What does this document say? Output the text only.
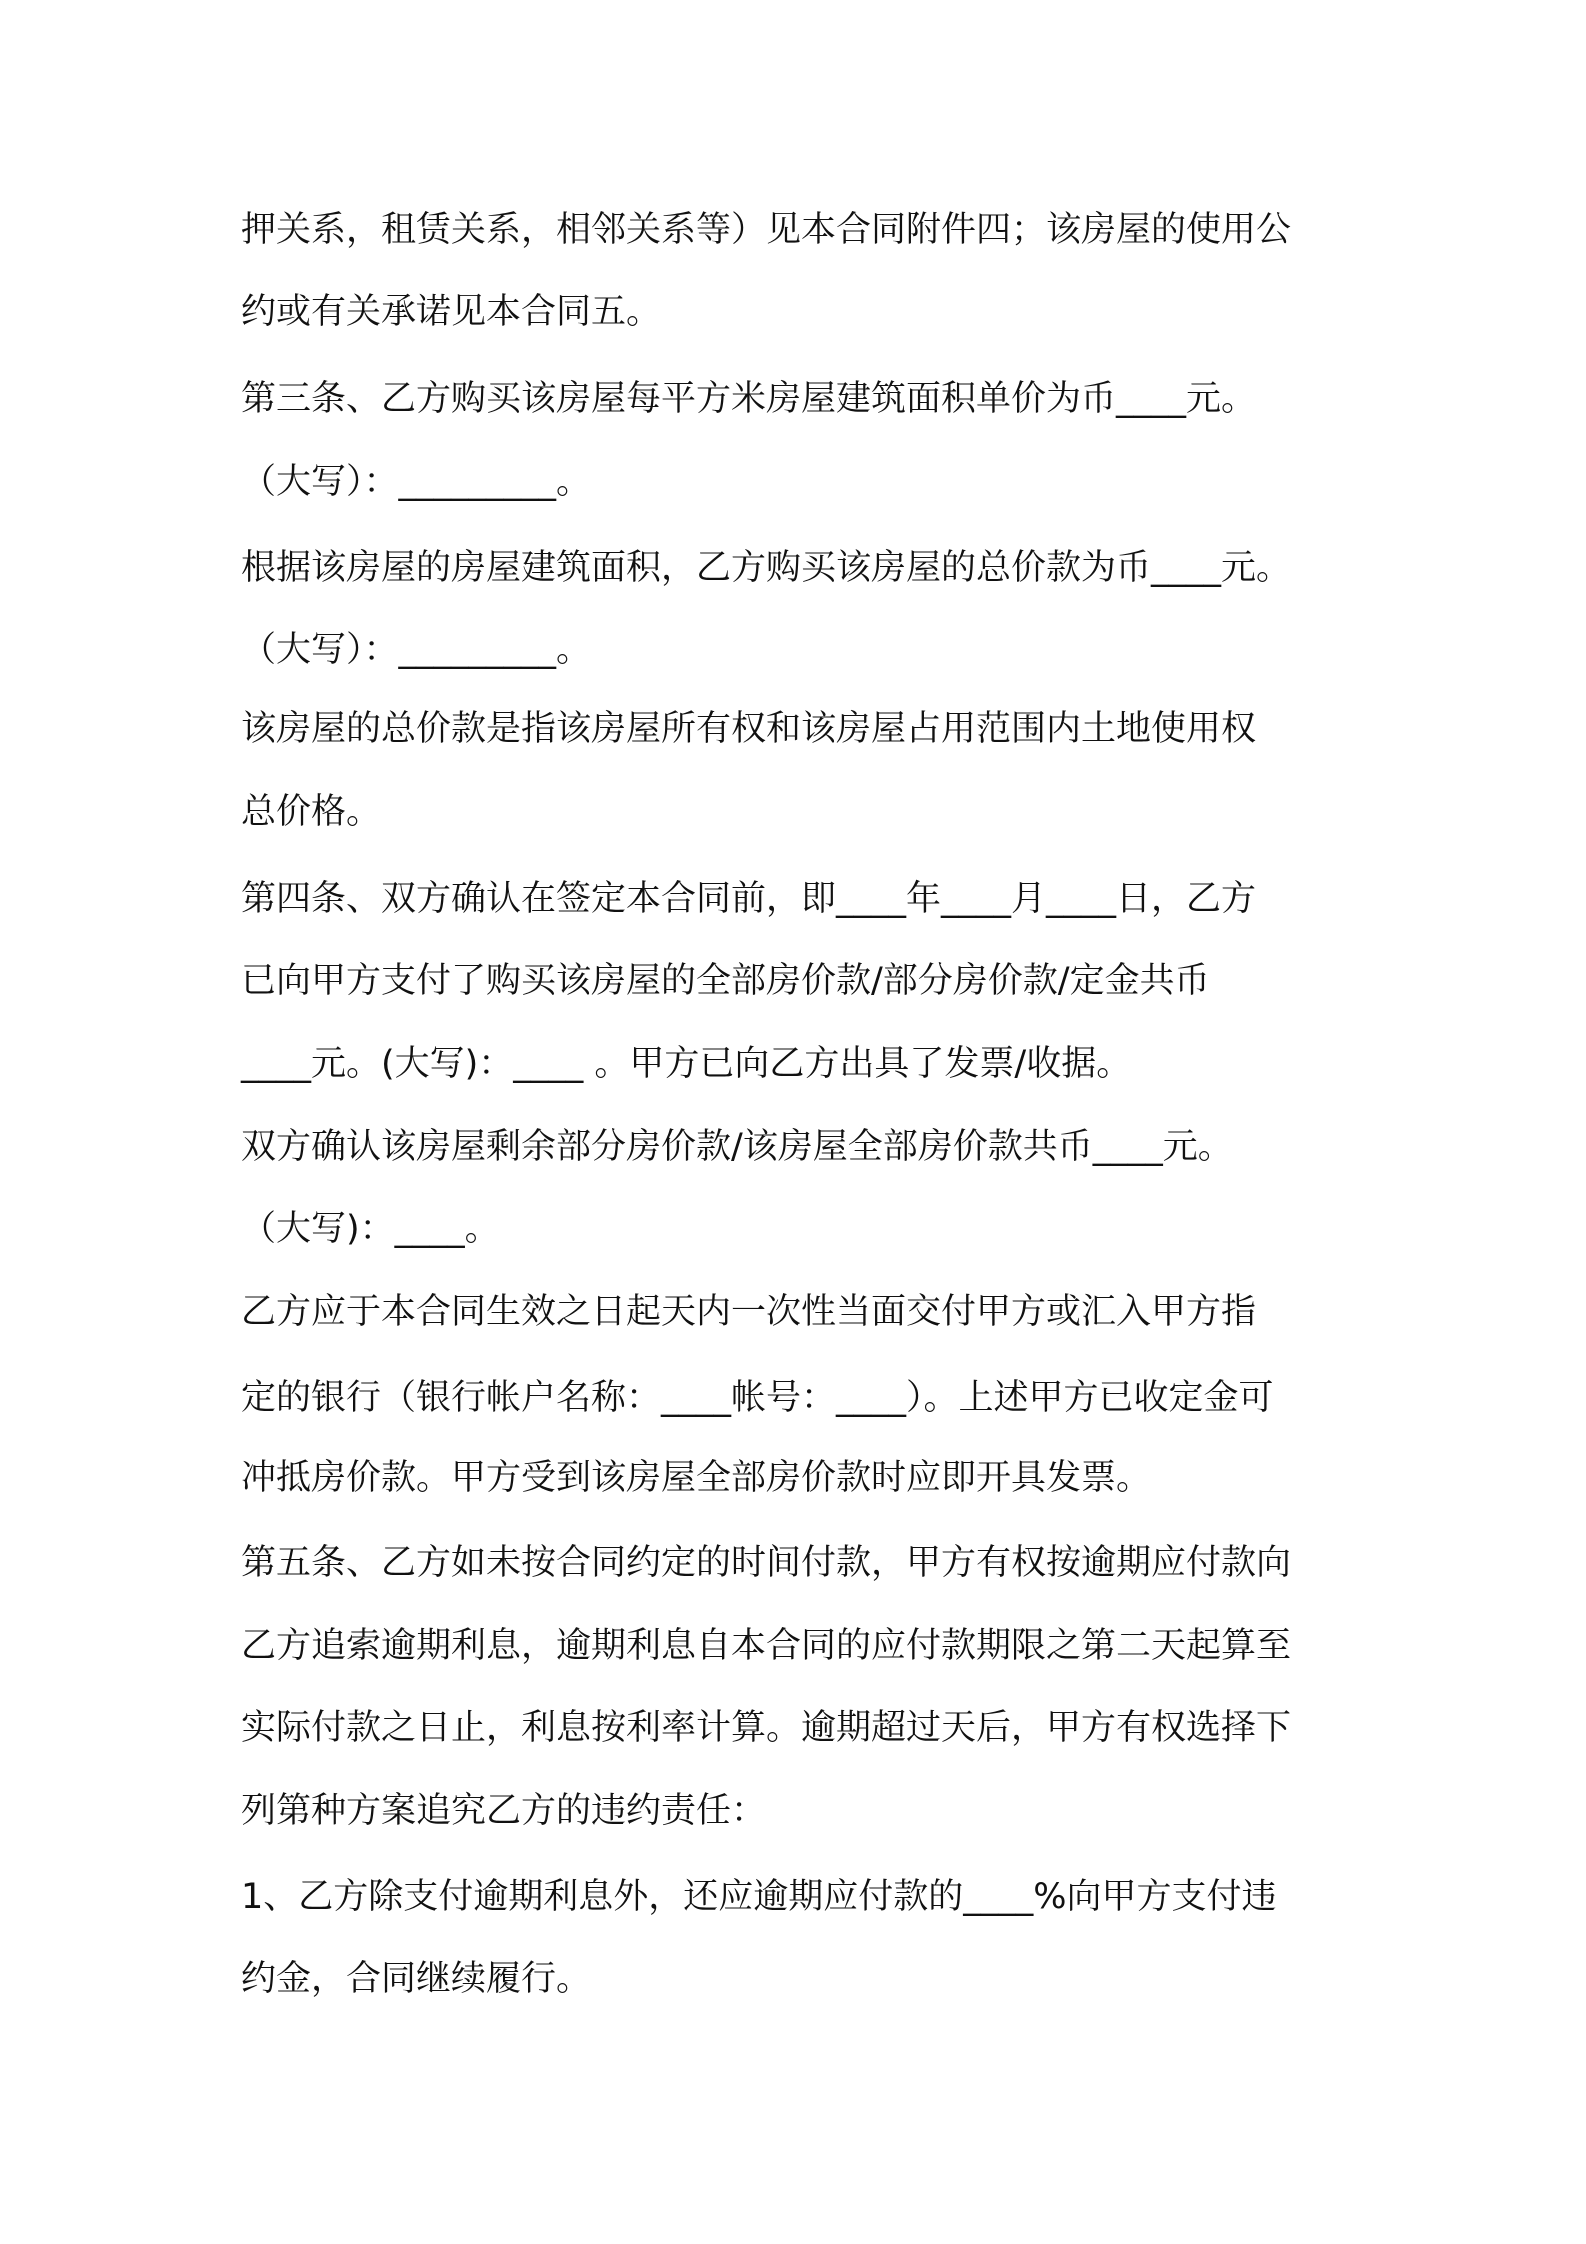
押关系，租赁关系，相邻关系等）见本合同附件四；该房屋的使用公
约或有关承诺见本合同五。
第三条、乙方购买该房屋每平方米房屋建筑面积单价为币____元。
（大写）：_________。
根据该房屋的房屋建筑面积，乙方购买该房屋的总价款为币____元。
（大写）：_________。
该房屋的总价款是指该房屋所有权和该房屋占用范围内土地使用权
总价格。
第四条、双方确认在签定本合同前，即____年____月____日，乙方
已向甲方支付了购买该房屋的全部房价款/部分房价款/定金共币
____元。(大写)：____ 。甲方已向乙方出具了发票/收据。
双方确认该房屋剩余部分房价款/该房屋全部房价款共币____元。
（大写)：____。
乙方应于本合同生效之日起天内一次性当面交付甲方或汇入甲方指
定的银行（银行帐户名称：____帐号：____）。上述甲方已收定金可
冲抵房价款。甲方受到该房屋全部房价款时应即开具发票。
第五条、乙方如未按合同约定的时间付款，甲方有权按逾期应付款向
乙方追索逾期利息，逾期利息自本合同的应付款期限之第二天起算至
实际付款之日止，利息按利率计算。逾期超过天后，甲方有权选择下
列第种方案追究乙方的违约责任：
1、乙方除支付逾期利息外，还应逾期应付款的____%向甲方支付违
约金，合同继续履行。
